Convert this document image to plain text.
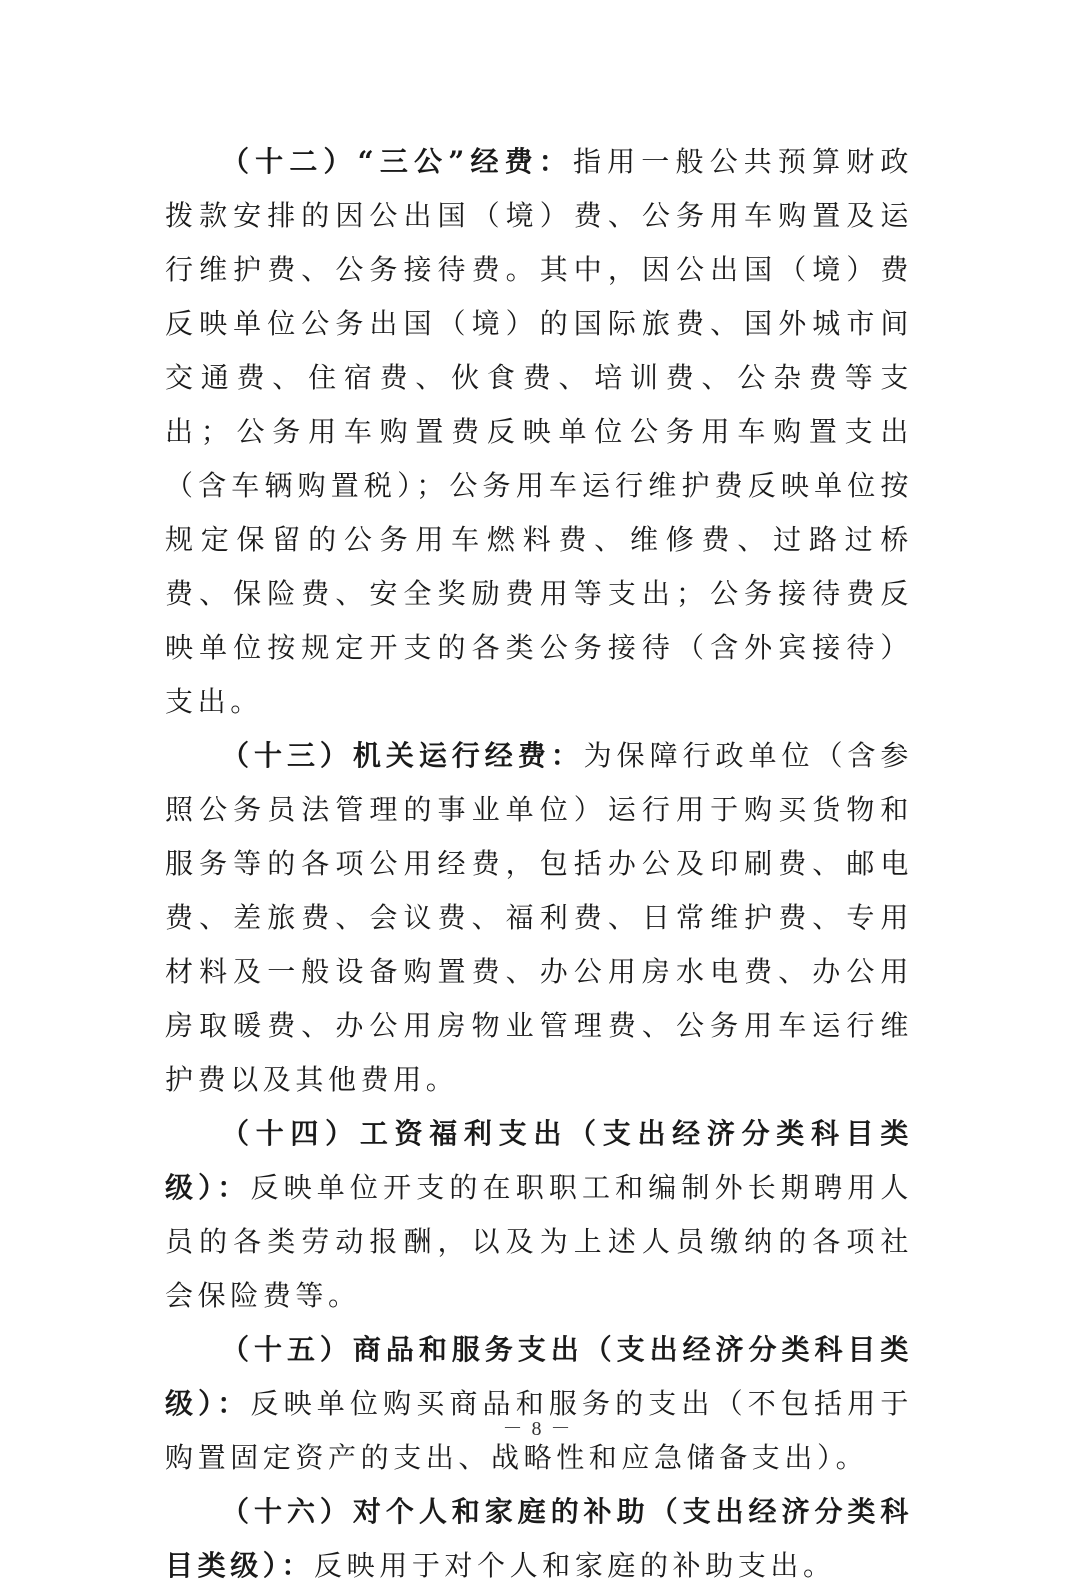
（十二）“三公”经费：指用一般公共预算财政拨款安排的因公出国（境）费、公务用车购置及运行维护费、公务接待费。其中，因公出国（境）费反映单位公务出国（境）的国际旅费、国外城市间交通费、住宿费、伙食费、培训费、公杂费等支出；公务用车购置费反映单位公务用车购置支出（含车辆购置税）；公务用车运行维护费反映单位按规定保留的公务用车燃料费、维修费、过路过桥费、保险费、安全奖励费用等支出；公务接待费反映单位按规定开支的各类公务接待（含外宾接待）支出。

（十三）机关运行经费：为保障行政单位（含参照公务员法管理的事业单位）运行用于购买货物和服务等的各项公用经费，包括办公及印刷费、邮电费、差旅费、会议费、福利费、日常维护费、专用材料及一般设备购置费、办公用房水电费、办公用房取暖费、办公用房物业管理费、公务用车运行维护费以及其他费用。

（十四）工资福利支出（支出经济分类科目类级）：反映单位开支的在职职工和编制外长期聘用人员的各类劳动报酬，以及为上述人员缴纳的各项社会保险费等。

（十五）商品和服务支出（支出经济分类科目类级）：反映单位购买商品和服务的支出（不包括用于购置固定资产的支出、战略性和应急储备支出）。

（十六）对个人和家庭的补助（支出经济分类科目类级）：反映用于对个人和家庭的补助支出。

－ 8 －
